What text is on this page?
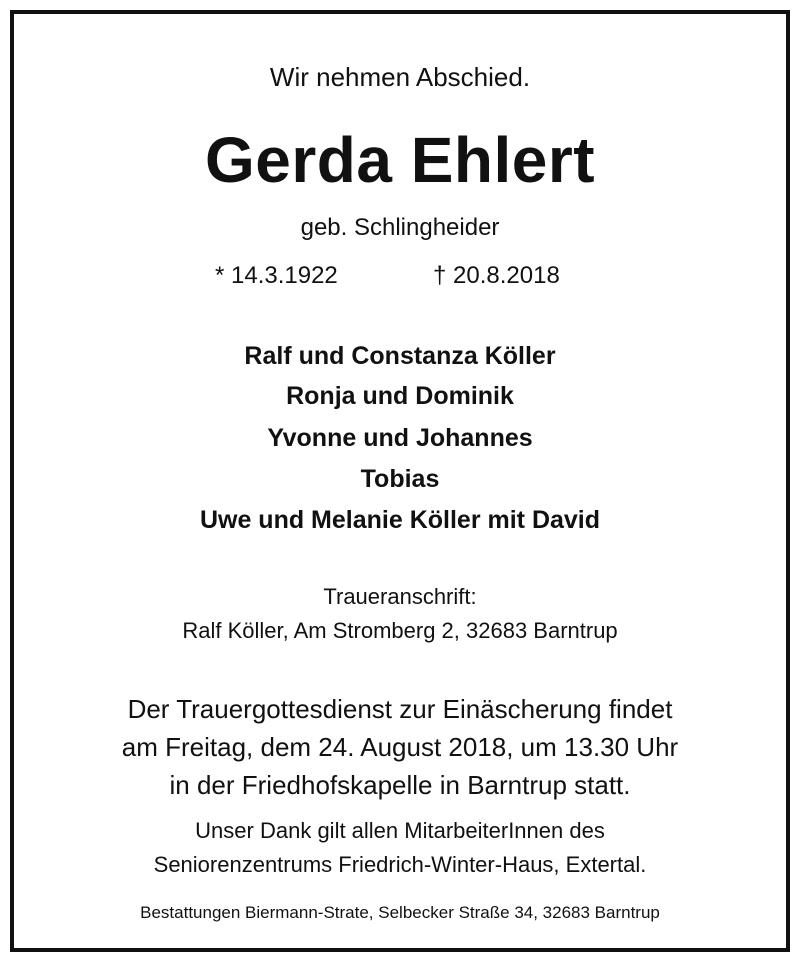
Wir nehmen Abschied.
Gerda Ehlert
geb. Schlingheider
* 14.3.1922	† 20.8.2018
Ralf und Constanza Köller
Ronja und Dominik
Yvonne und Johannes
Tobias
Uwe und Melanie Köller mit David
Traueranschrift:
Ralf Köller, Am Stromberg 2, 32683 Barntrup
Der Trauergottesdienst zur Einäscherung findet
am Freitag, dem 24. August 2018, um 13.30 Uhr
in der Friedhofskapelle in Barntrup statt.
Unser Dank gilt allen MitarbeiterInnen des
Seniorenzentrums Friedrich-Winter-Haus, Extertal.
Bestattungen Biermann-Strate, Selbecker Straße 34, 32683 Barntrup
